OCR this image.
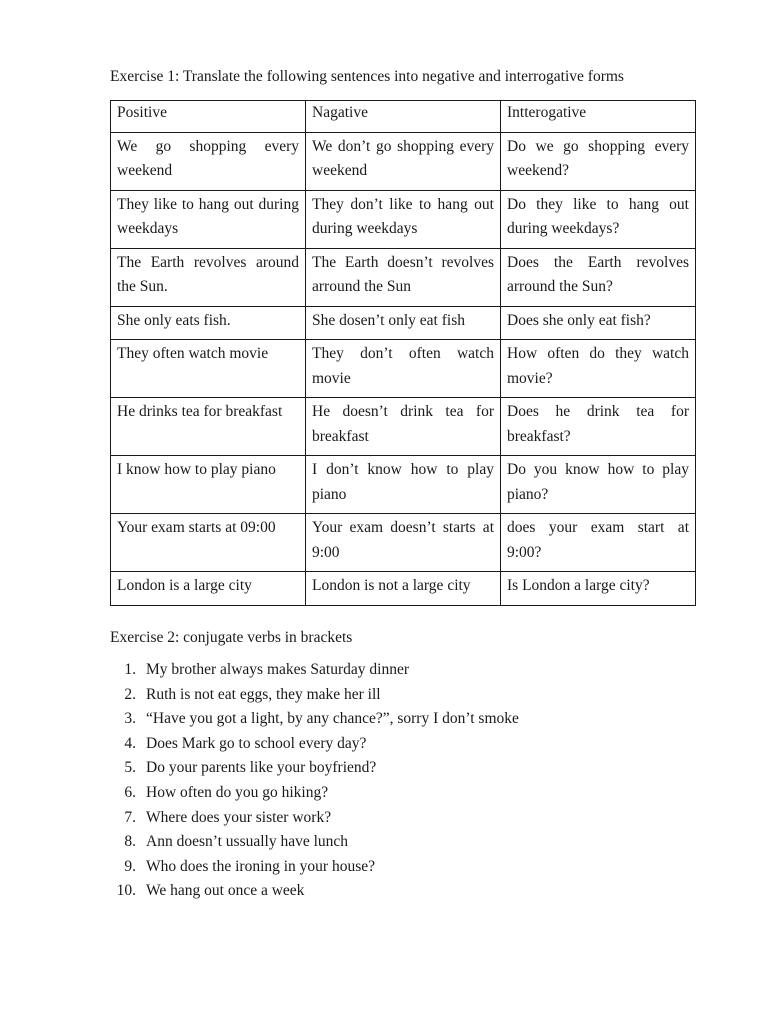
Exercise 1: Translate the following sentences into negative and interrogative forms
Positive	Nagative	Intterogative
We go shopping every weekend	We don’t go shopping every weekend	Do we go shopping every weekend?
They like to hang out during weekdays	They don’t like to hang out during weekdays	Do they like to hang out during weekdays?
The Earth revolves around the Sun.	The Earth doesn’t revolves arround the Sun	Does the Earth revolves arround the Sun?
She only eats fish.	She dosen’t only eat fish	Does she only eat fish?
They often watch movie	They don’t often watch movie	How often do they watch movie?
He drinks tea for breakfast	He doesn’t drink tea for breakfast	Does he drink tea for breakfast?
I know how to play piano	I don’t know how to play piano	Do you know how to play piano?
Your exam starts at 09:00	Your exam doesn’t starts at 9:00	does your exam start at 9:00?
London is a large city	London is not a large city	Is London a large city?
Exercise 2: conjugate verbs in brackets
1. My brother always makes Saturday dinner
2. Ruth is not eat eggs, they make her ill
3. “Have you got a light, by any chance?”, sorry I don’t smoke
4. Does Mark go to school every day?
5. Do your parents like your boyfriend?
6. How often do you go hiking?
7. Where does your sister work?
8. Ann doesn’t ussually have lunch
9. Who does the ironing in your house?
10. We hang out once a week
